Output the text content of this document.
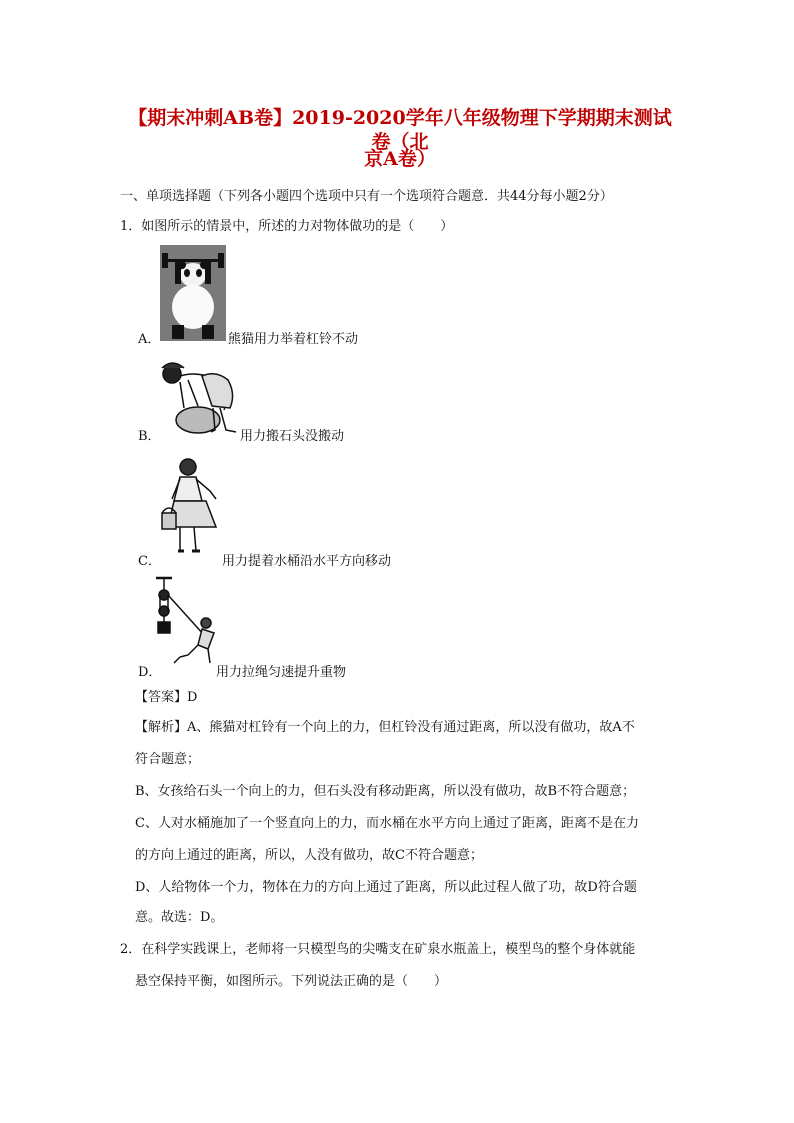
【期末冲刺AB卷】2019-2020学年八年级物理下学期期末测试卷（北
京A卷）
一、单项选择题（下列各小题四个选项中只有一个选项符合题意．共44分每小题2分）
1．如图所示的情景中，所述的力对物体做功的是（　　）
A．	熊猫用力举着杠铃不动
B．	用力搬石头没搬动
C．	用力提着水桶沿水平方向移动
D．	用力拉绳匀速提升重物
【答案】D
【解析】A、熊猫对杠铃有一个向上的力，但杠铃没有通过距离，所以没有做功，故A不
符合题意；
B、女孩给石头一个向上的力，但石头没有移动距离，所以没有做功，故B不符合题意；
C、人对水桶施加了一个竖直向上的力，而水桶在水平方向上通过了距离，距离不是在力
的方向上通过的距离，所以，人没有做功，故C不符合题意；
D、人给物体一个力，物体在力的方向上通过了距离，所以此过程人做了功，故D符合题
意。故选：D。
2．在科学实践课上，老师将一只模型鸟的尖嘴支在矿泉水瓶盖上，模型鸟的整个身体就能
悬空保持平衡，如图所示。下列说法正确的是（　　）
